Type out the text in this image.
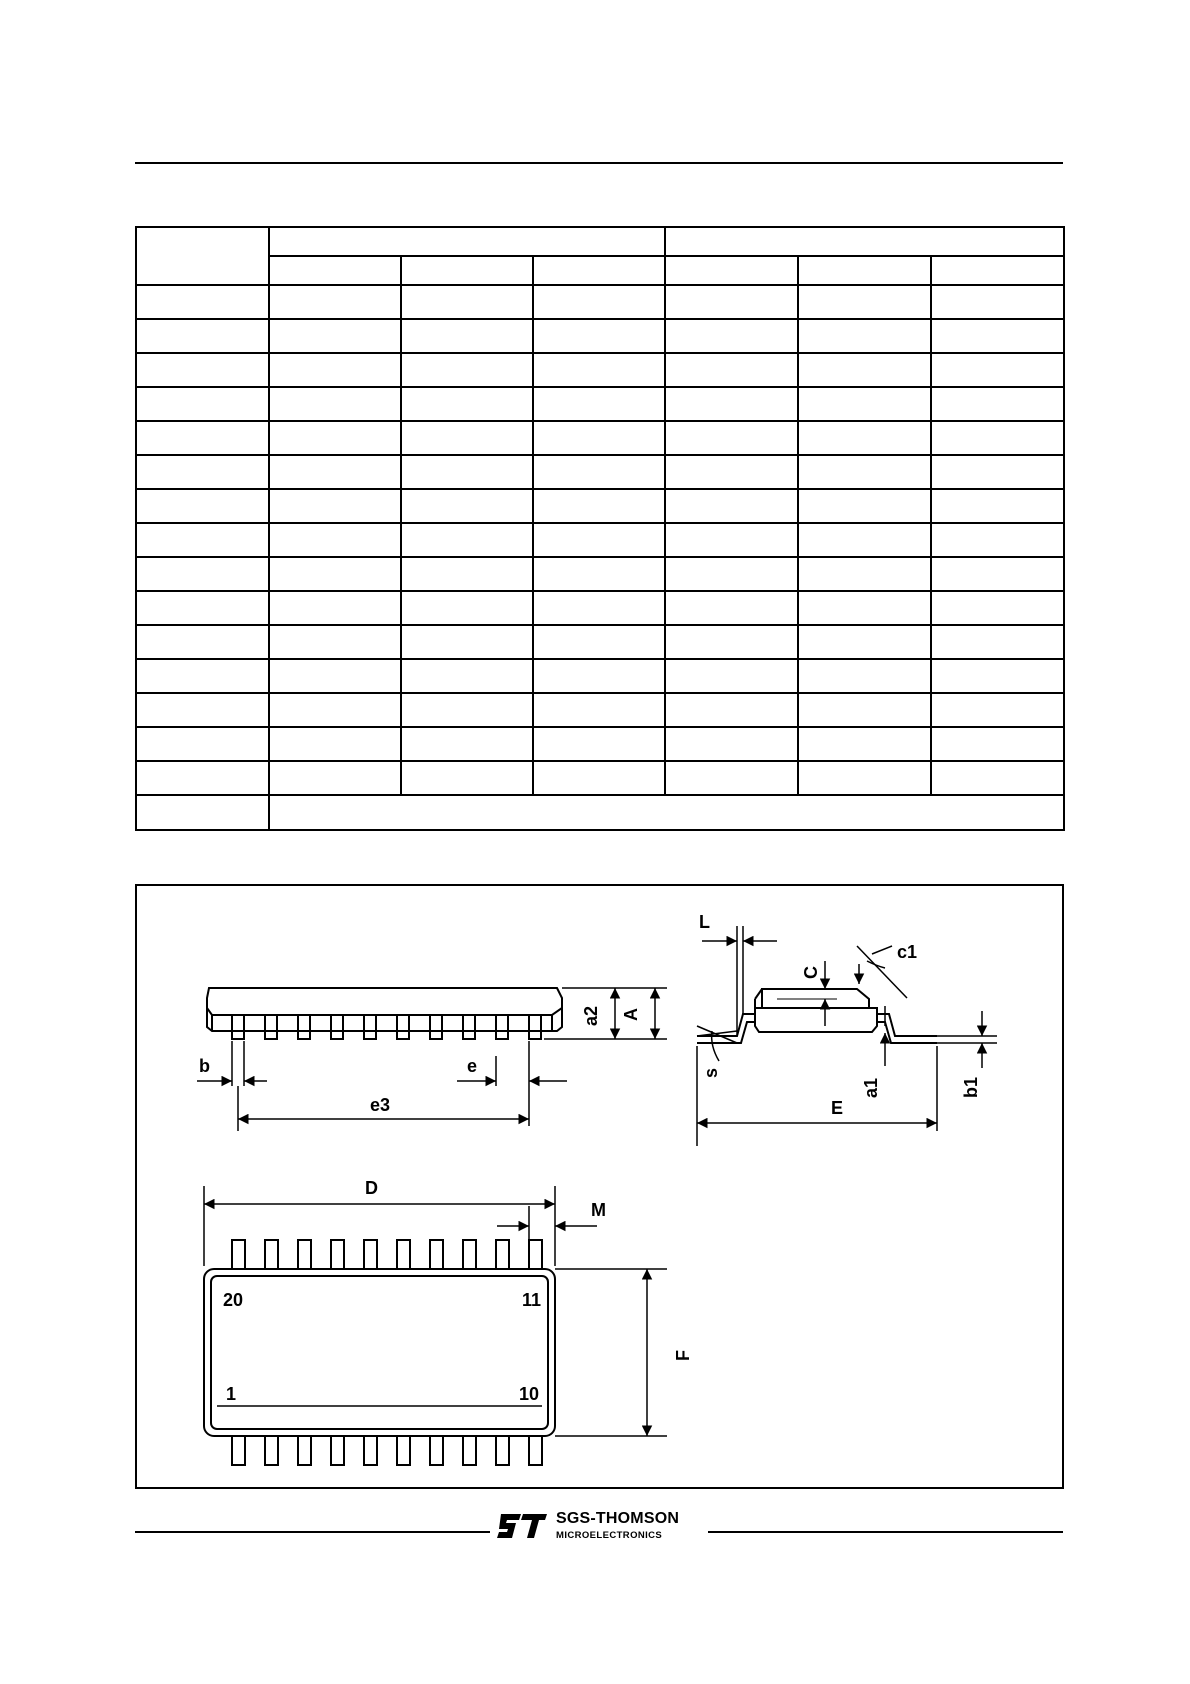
a2 A
b	e
e3
L
C
c1
s
a1	b1
E
D
M
F
20	11
1	10
SGS-THOMSON
MICROELECTRONICS
